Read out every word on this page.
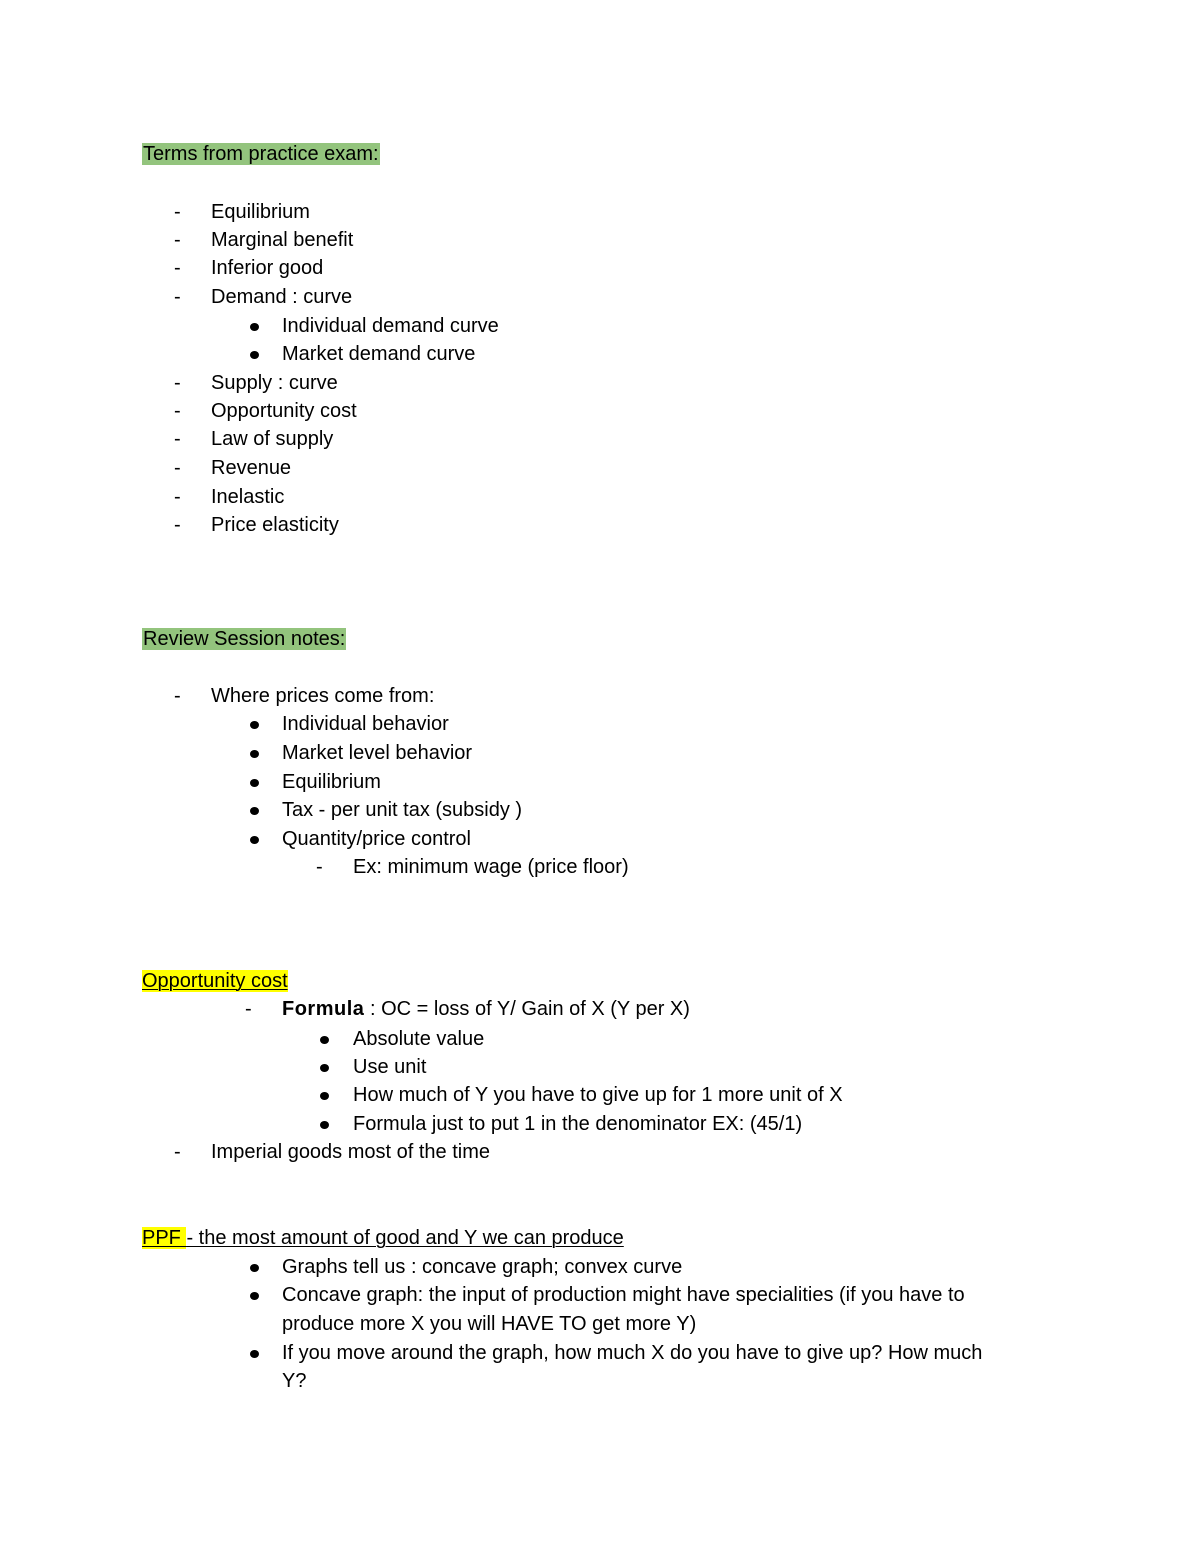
Terms from practice exam:
-	Equilibrium
-	Marginal benefit
-	Inferior good
-	Demand : curve
Individual demand curve
Market demand curve
-	Supply : curve
-	Opportunity cost
-	Law of supply
-	Revenue
-	Inelastic
-	Price elasticity
Review Session notes:
-	Where prices come from:
Individual behavior
Market level behavior
Equilibrium
Tax - per unit tax (subsidy )
Quantity/price control
-	Ex: minimum wage (price floor)
Opportunity cost
-	Formula : OC = loss of Y/ Gain of X (Y per X)
Absolute value
Use unit
How much of Y you have to give up for 1 more unit of X
Formula just to put 1 in the denominator EX: (45/1)
-	Imperial goods most of the time
PPF - the most amount of good and Y we can produce
Graphs tell us : concave graph; convex curve
Concave graph: the input of production might have specialities (if you have to
produce more X you will HAVE TO get more Y)
If you move around the graph, how much X do you have to give up? How much
Y?
